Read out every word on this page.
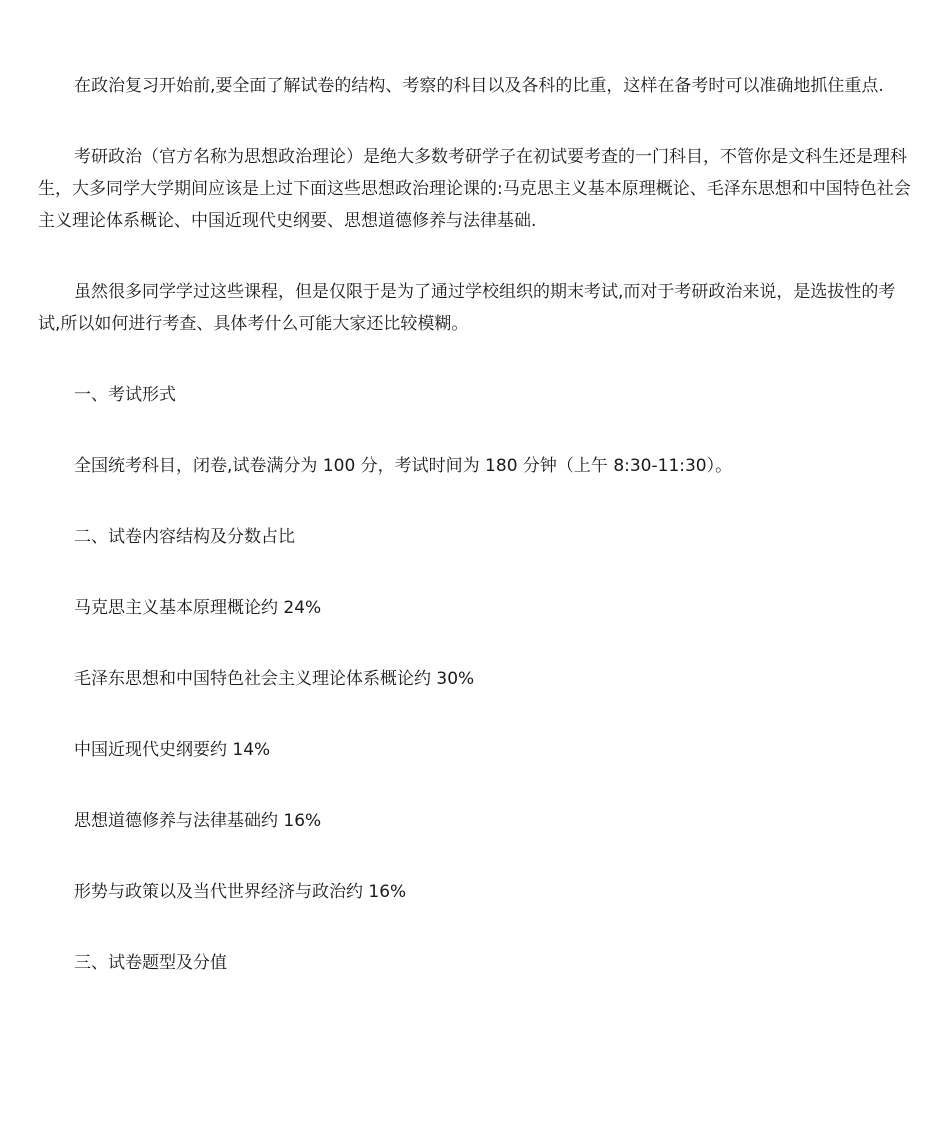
在政治复习开始前,要全面了解试卷的结构、考察的科目以及各科的比重，这样在备考时可以准确地抓住重点.

考研政治（官方名称为思想政治理论）是绝大多数考研学子在初试要考查的一门科目，不管你是文科生还是理科生，大多同学大学期间应该是上过下面这些思想政治理论课的:马克思主义基本原理概论、毛泽东思想和中国特色社会主义理论体系概论、中国近现代史纲要、思想道德修养与法律基础.

虽然很多同学学过这些课程，但是仅限于是为了通过学校组织的期末考试,而对于考研政治来说，是选拔性的考试,所以如何进行考查、具体考什么可能大家还比较模糊。

一、考试形式

全国统考科目，闭卷,试卷满分为 100 分，考试时间为 180 分钟（上午 8:30-11:30）。

二、试卷内容结构及分数占比

马克思主义基本原理概论约 24%

毛泽东思想和中国特色社会主义理论体系概论约 30%

中国近现代史纲要约 14%

思想道德修养与法律基础约 16%

形势与政策以及当代世界经济与政治约 16%

三、试卷题型及分值
